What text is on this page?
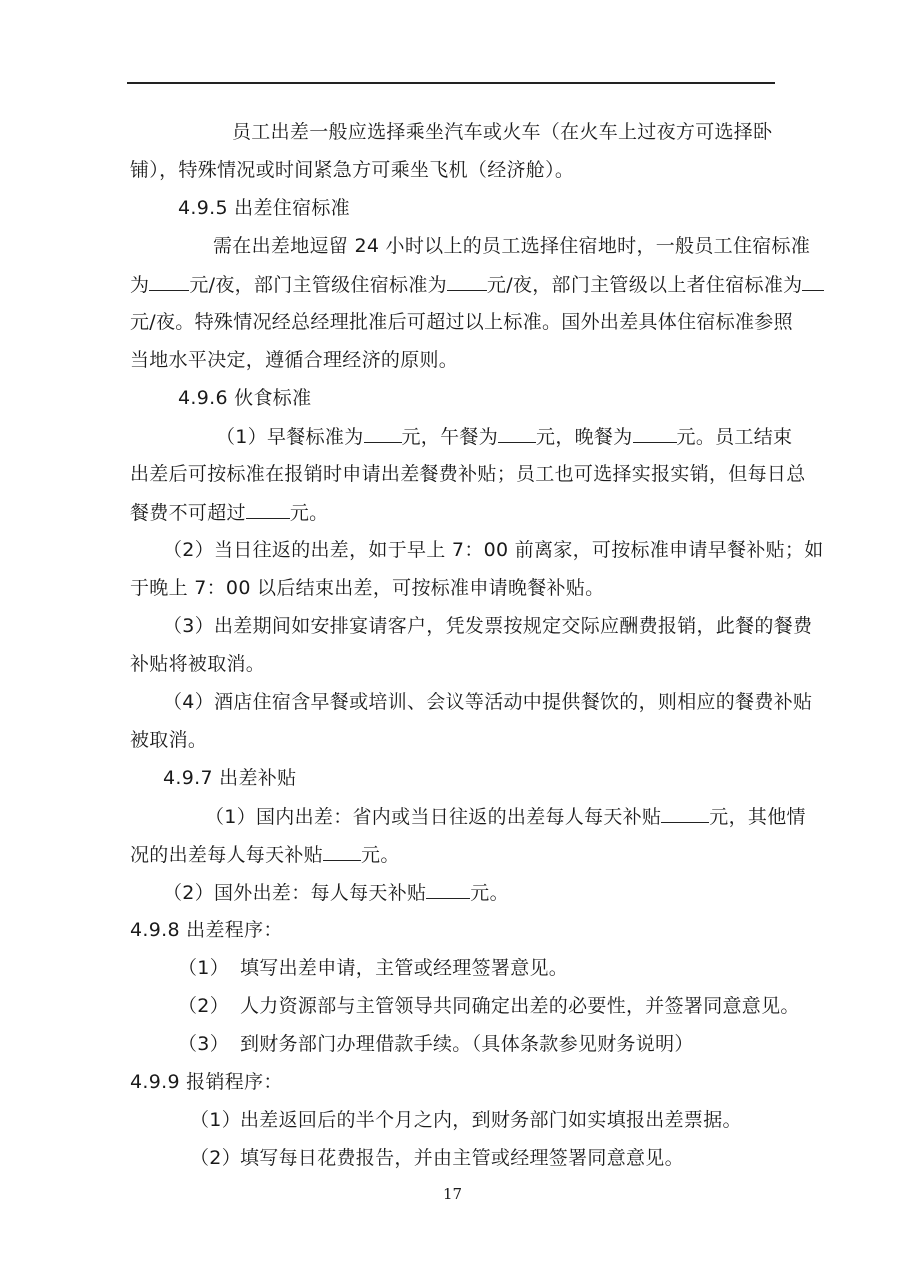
员工出差一般应选择乘坐汽车或火车（在火车上过夜方可选择卧

铺），特殊情况或时间紧急方可乘坐飞机（经济舱）。

4.9.5 出差住宿标准

需在出差地逗留 24 小时以上的员工选择住宿地时，一般员工住宿标准

为 元/夜，部门主管级住宿标准为 元/夜，部门主管级以上者住宿标准为

元/夜。特殊情况经总经理批准后可超过以上标准。国外出差具体住宿标准参照

当地水平决定，遵循合理经济的原则。

4.9.6 伙食标准

（1）早餐标准为 元，午餐为 元，晚餐为 元。员工结束

出差后可按标准在报销时申请出差餐费补贴；员工也可选择实报实销，但每日总

餐费不可超过 元。

（2）当日往返的出差，如于早上 7：00 前离家，可按标准申请早餐补贴；如

于晚上 7：00 以后结束出差，可按标准申请晚餐补贴。

（3）出差期间如安排宴请客户，凭发票按规定交际应酬费报销，此餐的餐费

补贴将被取消。

（4）酒店住宿含早餐或培训、会议等活动中提供餐饮的，则相应的餐费补贴

被取消。

4.9.7 出差补贴

（1）国内出差：省内或当日往返的出差每人每天补贴	元，其他情

况的出差每人每天补贴 元。

（2）国外出差：每人每天补贴 元。

4.9.8 出差程序：

（1） 填写出差申请，主管或经理签署意见。

（2） 人力资源部与主管领导共同确定出差的必要性，并签署同意意见。

（3） 到财务部门办理借款手续。（具体条款参见财务说明）

4.9.9 报销程序：

（1）出差返回后的半个月之内，到财务部门如实填报出差票据。

（2）填写每日花费报告，并由主管或经理签署同意意见。

17
